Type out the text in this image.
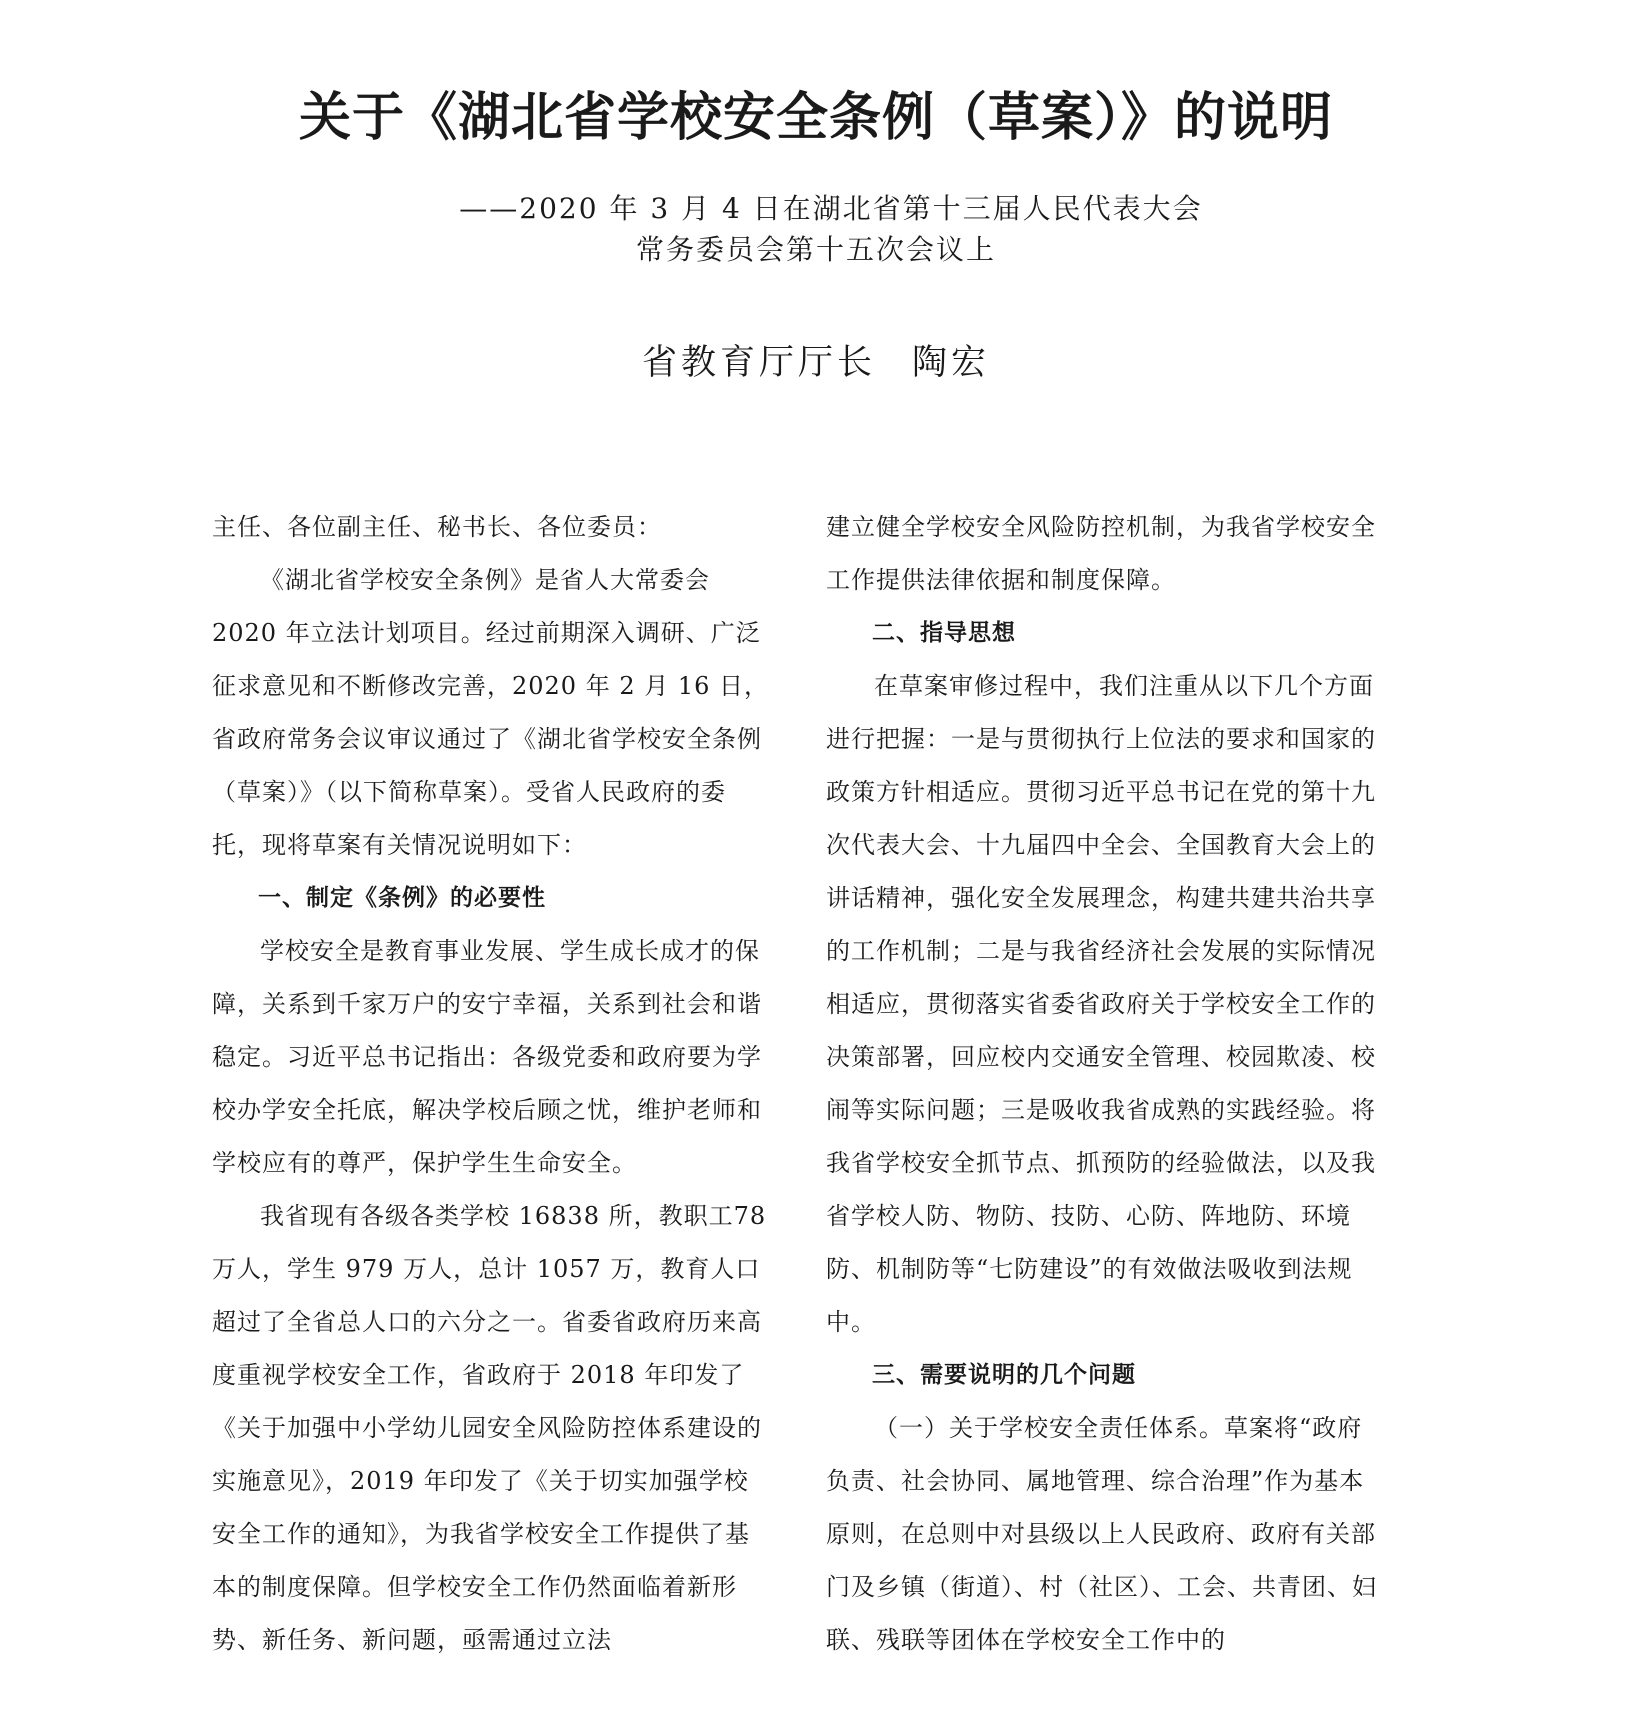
关于《湖北省学校安全条例（草案）》的说明
——2020 年 3 月 4 日在湖北省第十三届人民代表大会
常务委员会第十五次会议上
省教育厅厅长 陶宏

主任、各位副主任、秘书长、各位委员：

《湖北省学校安全条例》是省人大常委会2020 年立法计划项目。经过前期深入调研、广泛征求意见和不断修改完善，2020 年 2 月 16 日，省政府常务会议审议通过了《湖北省学校安全条例（草案）》（以下简称草案）。受省人民政府的委托，现将草案有关情况说明如下：

一、制定《条例》的必要性

学校安全是教育事业发展、学生成长成才的保障，关系到千家万户的安宁幸福，关系到社会和谐稳定。习近平总书记指出：各级党委和政府要为学校办学安全托底，解决学校后顾之忧，维护老师和学校应有的尊严，保护学生生命安全。

我省现有各级各类学校 16838 所，教职工78 万人，学生 979 万人，总计 1057 万，教育人口超过了全省总人口的六分之一。省委省政府历来高度重视学校安全工作，省政府于 2018 年印发了《关于加强中小学幼儿园安全风险防控体系建设的实施意见》，2019 年印发了《关于切实加强学校安全工作的通知》，为我省学校安全工作提供了基本的制度保障。但学校安全工作仍然面临着新形势、新任务、新问题，亟需通过立法

建立健全学校安全风险防控机制，为我省学校安全工作提供法律依据和制度保障。

二、指导思想

在草案审修过程中，我们注重从以下几个方面进行把握：一是与贯彻执行上位法的要求和国家的政策方针相适应。贯彻习近平总书记在党的第十九次代表大会、十九届四中全会、全国教育大会上的讲话精神，强化安全发展理念，构建共建共治共享的工作机制；二是与我省经济社会发展的实际情况相适应，贯彻落实省委省政府关于学校安全工作的决策部署，回应校内交通安全管理、校园欺凌、校闹等实际问题；三是吸收我省成熟的实践经验。将我省学校安全抓节点、抓预防的经验做法，以及我省学校人防、物防、技防、心防、阵地防、环境防、机制防等“七防建设”的有效做法吸收到法规中。

三、需要说明的几个问题

（一）关于学校安全责任体系。草案将“政府负责、社会协同、属地管理、综合治理”作为基本原则，在总则中对县级以上人民政府、政府有关部门及乡镇（街道）、村（社区）、工会、共青团、妇联、残联等团体在学校安全工作中的
